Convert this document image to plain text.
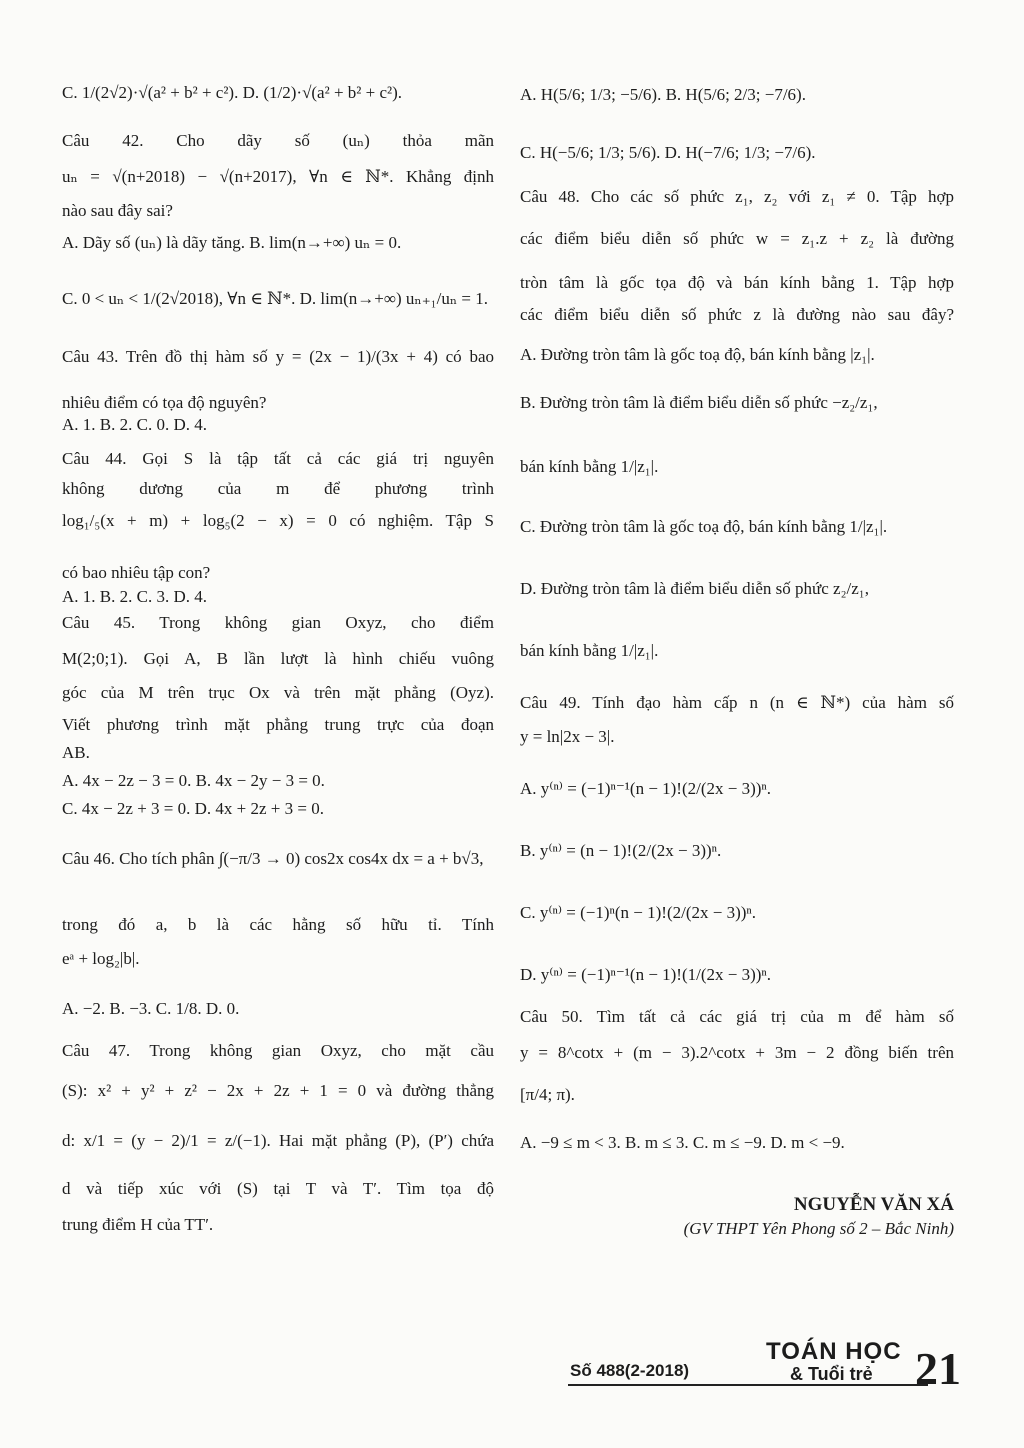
C. 1/(2√2)·√(a² + b² + c²). D. (1/2)·√(a² + b² + c²).
Câu 42. Cho dãy số (uₙ) thỏa mãn
uₙ = √(n+2018) − √(n+2017), ∀n ∈ ℕ*. Khẳng định
nào sau đây sai?
A. Dãy số (uₙ) là dãy tăng. B. lim(n→+∞) uₙ = 0.
C. 0 < uₙ < 1/(2√2018), ∀n ∈ ℕ*. D. lim(n→+∞) uₙ₊₁/uₙ = 1.
Câu 43. Trên đồ thị hàm số y = (2x − 1)/(3x + 4) có bao
nhiêu điểm có tọa độ nguyên?
A. 1. B. 2. C. 0. D. 4.
Câu 44. Gọi S là tập tất cả các giá trị nguyên
không dương của m để phương trình
log₁/₅(x + m) + log₅(2 − x) = 0 có nghiệm. Tập S
có bao nhiêu tập con?
A. 1. B. 2. C. 3. D. 4.
Câu 45. Trong không gian Oxyz, cho điểm
M(2;0;1). Gọi A, B lần lượt là hình chiếu vuông
góc của M trên trục Ox và trên mặt phẳng (Oyz).
Viết phương trình mặt phẳng trung trực của đoạn
AB.
A. 4x − 2z − 3 = 0. B. 4x − 2y − 3 = 0.
C. 4x − 2z + 3 = 0. D. 4x + 2z + 3 = 0.
Câu 46. Cho tích phân ∫(−π/3 → 0) cos2x cos4x dx = a + b√3,
trong đó a, b là các hằng số hữu tỉ. Tính
eᵃ + log₂|b|.
A. −2. B. −3. C. 1/8. D. 0.
Câu 47. Trong không gian Oxyz, cho mặt cầu
(S): x² + y² + z² − 2x + 2z + 1 = 0 và đường thẳng
d: x/1 = (y − 2)/1 = z/(−1). Hai mặt phẳng (P), (P′) chứa
d và tiếp xúc với (S) tại T và T′. Tìm tọa độ
trung điểm H của TT′.
NGUYỄN VĂN XÁ
(GV THPT Yên Phong số 2 – Bắc Ninh)
A. H(5/6; 1/3; −5/6). B. H(5/6; 2/3; −7/6).
C. H(−5/6; 1/3; 5/6). D. H(−7/6; 1/3; −7/6).
Câu 48. Cho các số phức z₁, z₂ với z₁ ≠ 0. Tập hợp
các điểm biểu diễn số phức w = z₁.z + z₂ là đường
tròn tâm là gốc tọa độ và bán kính bằng 1. Tập hợp
các điểm biểu diễn số phức z là đường nào sau đây?
A. Đường tròn tâm là gốc toạ độ, bán kính bằng |z₁|.
B. Đường tròn tâm là điểm biểu diễn số phức −z₂/z₁,
bán kính bằng 1/|z₁|.
C. Đường tròn tâm là gốc toạ độ, bán kính bằng 1/|z₁|.
D. Đường tròn tâm là điểm biểu diễn số phức z₂/z₁,
bán kính bằng 1/|z₁|.
Câu 49. Tính đạo hàm cấp n (n ∈ ℕ*) của hàm số
y = ln|2x − 3|.
A. y⁽ⁿ⁾ = (−1)ⁿ⁻¹(n − 1)!(2/(2x − 3))ⁿ.
B. y⁽ⁿ⁾ = (n − 1)!(2/(2x − 3))ⁿ.
C. y⁽ⁿ⁾ = (−1)ⁿ(n − 1)!(2/(2x − 3))ⁿ.
D. y⁽ⁿ⁾ = (−1)ⁿ⁻¹(n − 1)!(1/(2x − 3))ⁿ.
Câu 50. Tìm tất cả các giá trị của m để hàm số
y = 8^cotx + (m − 3).2^cotx + 3m − 2 đồng biến trên
[π/4; π).
A. −9 ≤ m < 3. B. m ≤ 3. C. m ≤ −9. D. m < −9.
Số 488(2-2018)
TOÁN HỌC
& Tuổi trẻ 21
